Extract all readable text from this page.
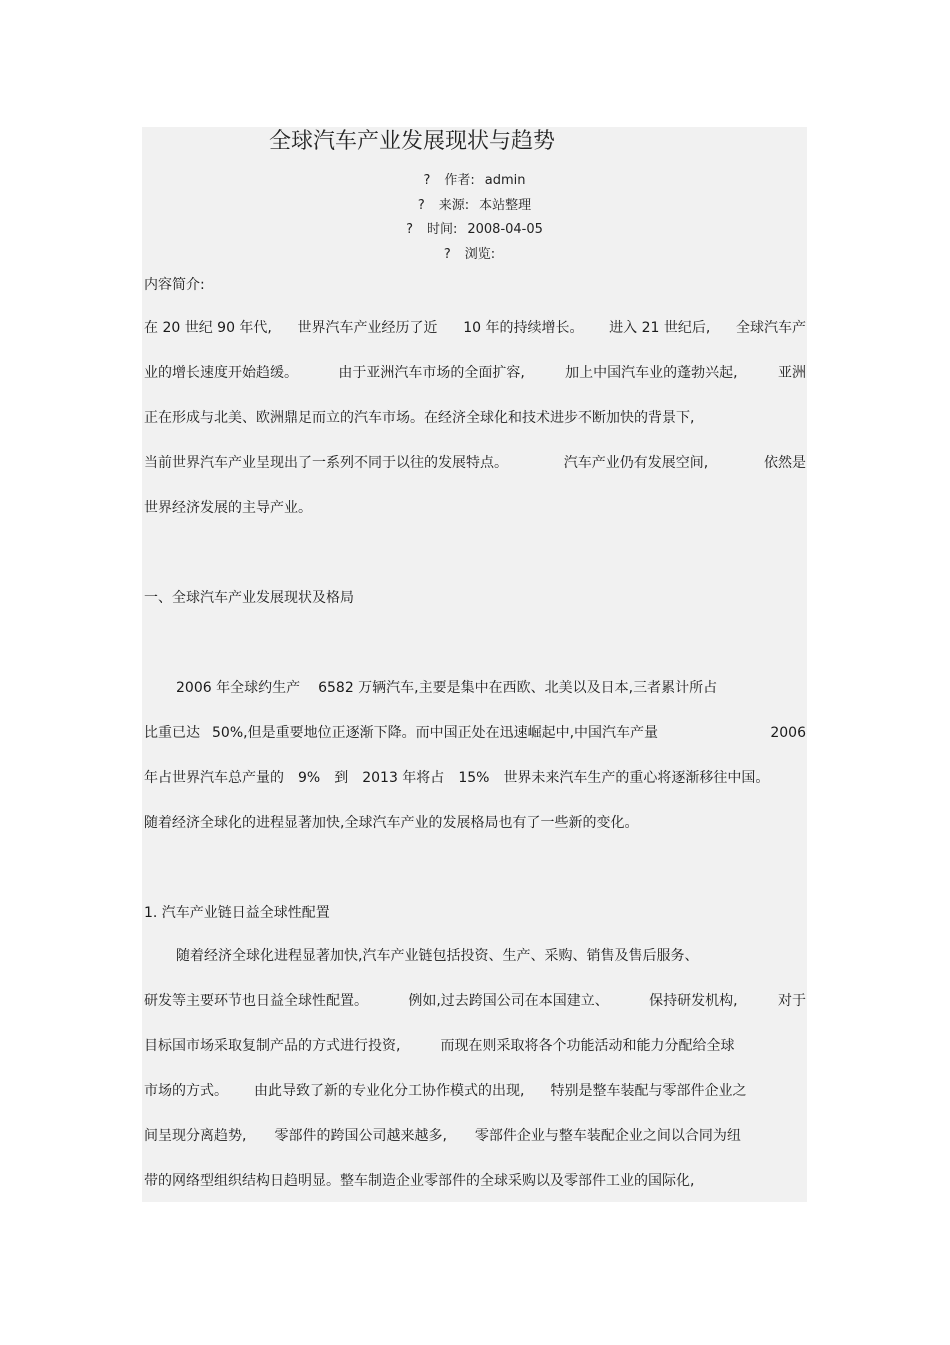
全球汽车产业发展现状与趋势
? 作者: admin
? 来源: 本站整理
? 时间: 2008-04-05
? 浏览:
内容简介:
在 20 世纪 90 年代, 世界汽车产业经历了近 10 年的持续增长。 进入 21 世纪后, 全球汽车产
业的增长速度开始趋缓。	由于亚洲汽车市场的全面扩容,	加上中国汽车业的蓬勃兴起,	亚洲
正在形成与北美、欧洲鼎足而立的汽车市场。在经济全球化和技术进步不断加快的背景下,
当前世界汽车产业呈现出了一系列不同于以往的发展特点。	汽车产业仍有发展空间,	依然是
世界经济发展的主导产业。
一、全球汽车产业发展现状及格局
2006 年全球约生产 6582 万辆汽车,主要是集中在西欧、北美以及日本,三者累计所占
比重已达 50%,但是重要地位正逐渐下降。而中国正处在迅速崛起中,中国汽车产量	2006
年占世界汽车总产量的 9% 到 2013 年将占 15% 世界未来汽车生产的重心将逐渐移往中国。
随着经济全球化的进程显著加快,全球汽车产业的发展格局也有了一些新的变化。
1. 汽车产业链日益全球性配置
随着经济全球化进程显著加快,汽车产业链包括投资、生产、采购、销售及售后服务、
研发等主要环节也日益全球性配置。	例如,过去跨国公司在本国建立、	保持研发机构,	对于
目标国市场采取复制产品的方式进行投资,	而现在则采取将各个功能活动和能力分配给全球
市场的方式。 由此导致了新的专业化分工协作模式的出现, 特别是整车装配与零部件企业之
间呈现分离趋势, 零部件的跨国公司越来越多, 零部件企业与整车装配企业之间以合同为纽
带的网络型组织结构日趋明显。整车制造企业零部件的全球采购以及零部件工业的国际化,
